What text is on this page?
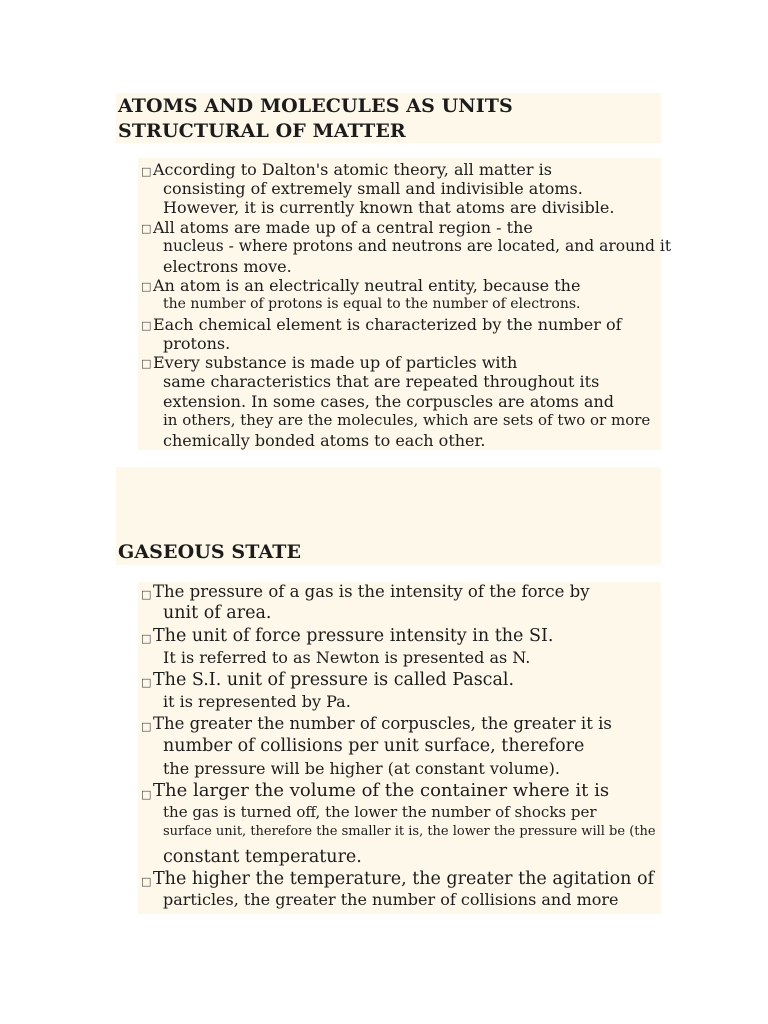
ATOMS AND MOLECULES AS UNITS
STRUCTURAL OF MATTER
□
□
□
□
□
According to Dalton's atomic theory, all matter is
consisting of extremely small and indivisible atoms.
However, it is currently known that atoms are divisible.
All atoms are made up of a central region - the
nucleus - where protons and neutrons are located, and around it
electrons move.
An atom is an electrically neutral entity, because the
the number of protons is equal to the number of electrons.
Each chemical element is characterized by the number of
protons.
Every substance is made up of particles with
same characteristics that are repeated throughout its
extension. In some cases, the corpuscles are atoms and
in others, they are the molecules, which are sets of two or more
chemically bonded atoms to each other.
GASEOUS STATE
□
□
□
□
□
□
The pressure of a gas is the intensity of the force by
unit of area.
The unit of force pressure intensity in the SI.
It is referred to as Newton is presented as N.
The S.I. unit of pressure is called Pascal.
it is represented by Pa.
The greater the number of corpuscles, the greater it is
number of collisions per unit surface, therefore
the pressure will be higher (at constant volume).
The larger the volume of the container where it is
the gas is turned off, the lower the number of shocks per
surface unit, therefore the smaller it is, the lower the pressure will be (the
constant temperature.
The higher the temperature, the greater the agitation of
particles, the greater the number of collisions and more
